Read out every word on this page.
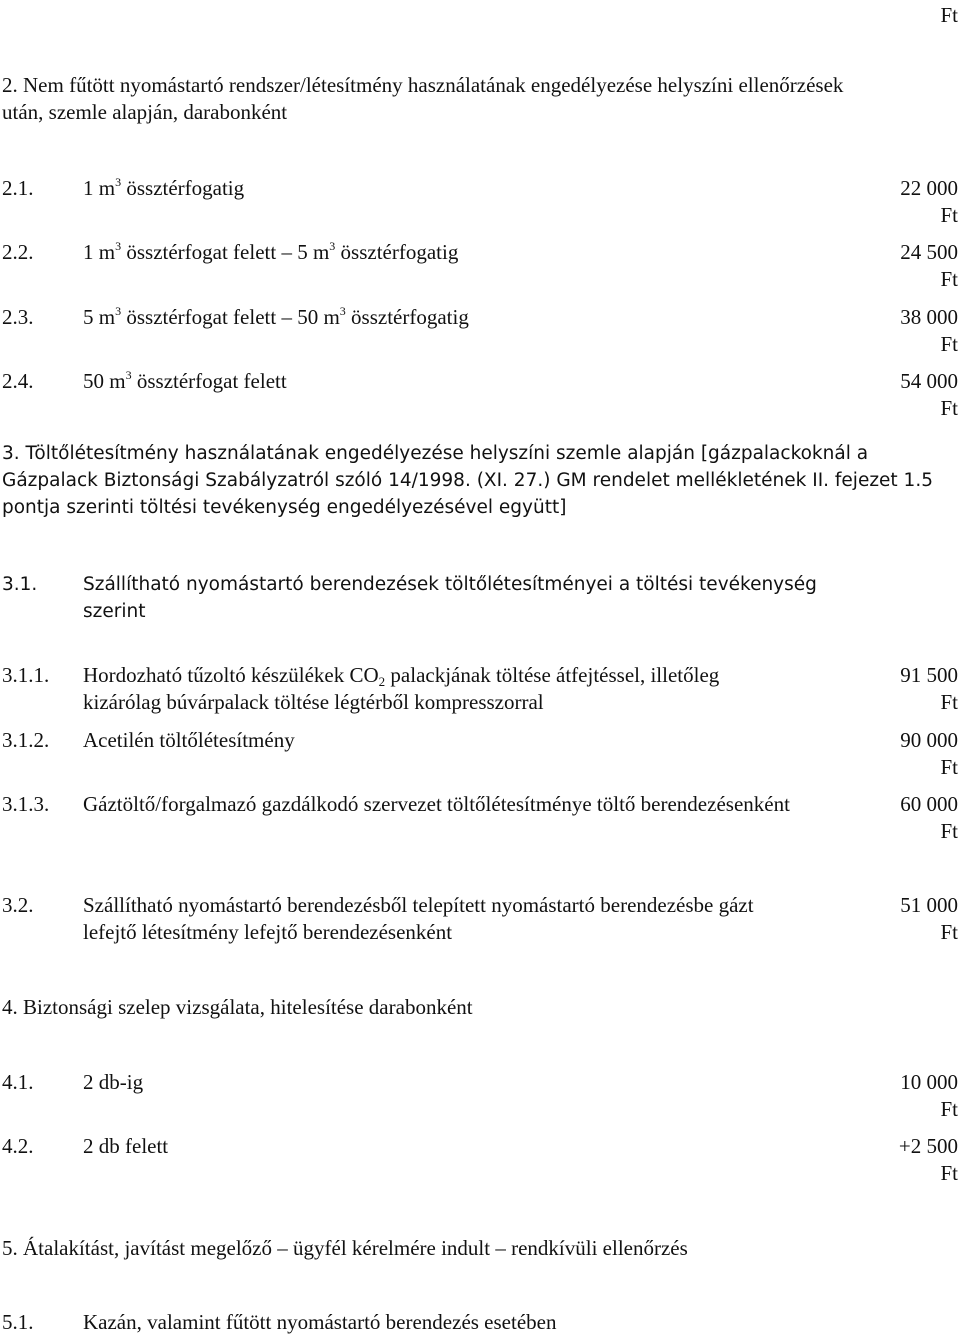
Ft
2. Nem fűtött nyomástartó rendszer/létesítmény használatának engedélyezése helyszíni ellenőrzések
után, szemle alapján, darabonként
2.1. 1 $m^3$ össztérfogatig	22 000
Ft
2.2. 1 $m^3$ össztérfogat felett – 5 $m^3$ össztérfogatig	24 500
Ft
2.3. 5 $m^3$ össztérfogat felett – 50 $m^3$ össztérfogatig	38 000
Ft
2.4. 50 $m^3$ össztérfogat felett	54 000
Ft
3. Töltőlétesítmény használatának engedélyezése helyszíni szemle alapján [gázpalackoknál a
Gázpalack Biztonsági Szabályzatról szóló 14/1998. (XI. 27.) GM rendelet mellékletének II. fejezet 1.5
pontja szerinti töltési tevékenység engedélyezésével együtt]
3.1. Szállítható nyomástartó berendezések töltőlétesítményei a töltési tevékenység
szerint
3.1.1. Hordozható tűzoltó készülékek $CO_2$ palackjának töltése átfejtéssel, illetőleg
kizárólag búvárpalack töltése légtérből kompresszorral
91 500
Ft
3.1.2. Acetilén töltőlétesítmény	90 000
Ft
3.1.3. Gáztöltő/forgalmazó gazdálkodó szervezet töltőlétesítménye töltő berendezésenként	60 000
Ft
3.2. Szállítható nyomástartó berendezésből telepített nyomástartó berendezésbe gázt
lefejtő létesítmény lefejtő berendezésenként
51 000
Ft
4. Biztonsági szelep vizsgálata, hitelesítése darabonként
4.1. 2 db-ig	10 000
Ft
4.2. 2 db felett	+2 500
Ft
5. Átalakítást, javítást megelőző – ügyfél kérelmére indult – rendkívüli ellenőrzés
5.1. Kazán, valamint fűtött nyomástartó berendezés esetében
